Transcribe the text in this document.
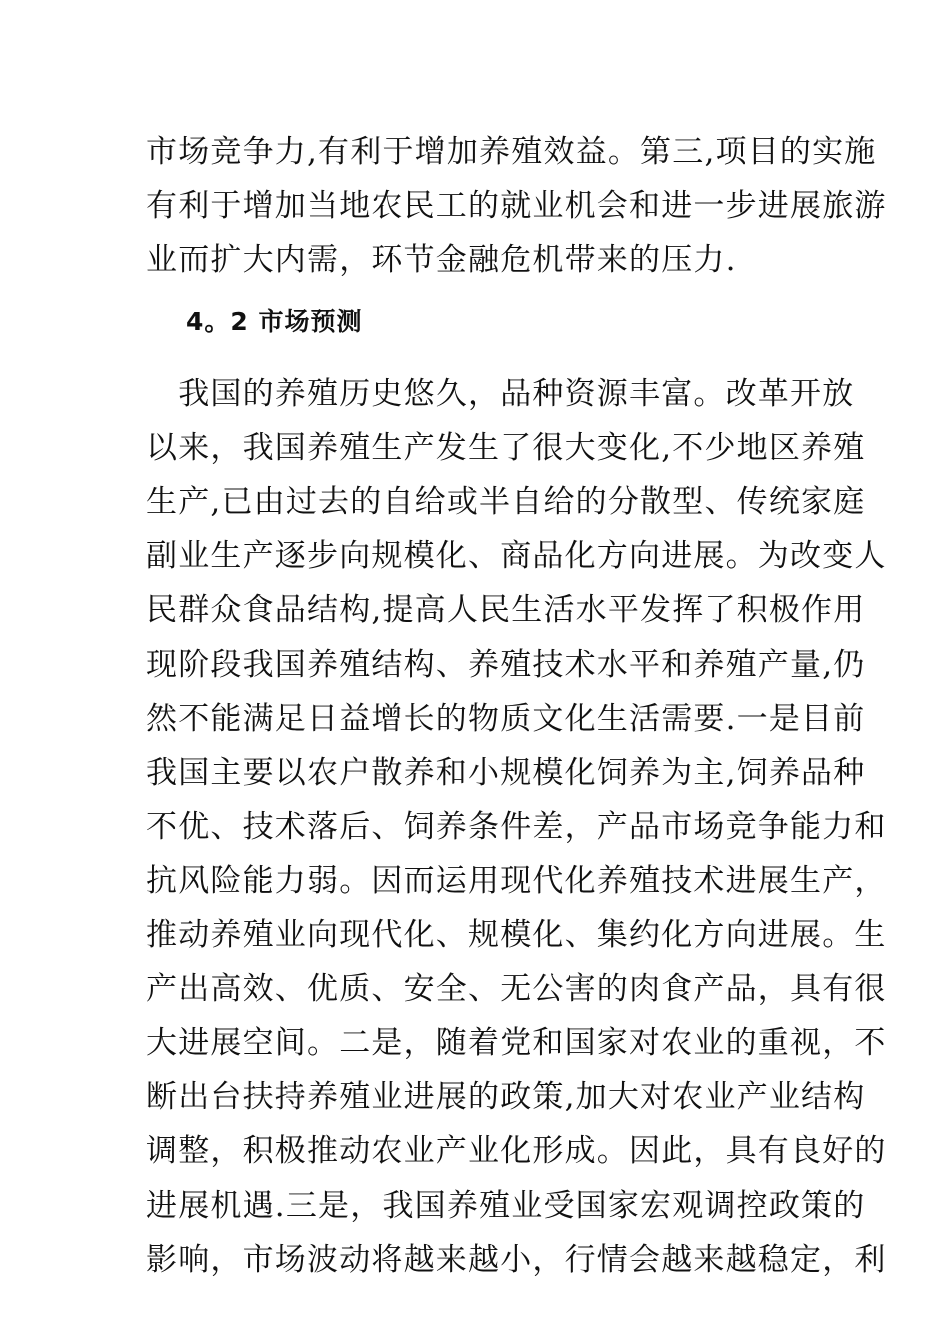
市场竞争力,有利于增加养殖效益。第三,项目的实施
有利于增加当地农民工的就业机会和进一步进展旅游
业而扩大内需，环节金融危机带来的压力.
4。2 市场预测
　我国的养殖历史悠久，品种资源丰富。改革开放
以来，我国养殖生产发生了很大变化,不少地区养殖
生产,已由过去的自给或半自给的分散型、传统家庭
副业生产逐步向规模化、商品化方向进展。为改变人
民群众食品结构,提高人民生活水平发挥了积极作用
现阶段我国养殖结构、养殖技术水平和养殖产量,仍
然不能满足日益增长的物质文化生活需要.一是目前
我国主要以农户散养和小规模化饲养为主,饲养品种
不优、技术落后、饲养条件差，产品市场竞争能力和
抗风险能力弱。因而运用现代化养殖技术进展生产，
推动养殖业向现代化、规模化、集约化方向进展。生
产出高效、优质、安全、无公害的肉食产品，具有很
大进展空间。二是，随着党和国家对农业的重视，不
断出台扶持养殖业进展的政策,加大对农业产业结构
调整，积极推动农业产业化形成。因此，具有良好的
进展机遇.三是，我国养殖业受国家宏观调控政策的
影响，市场波动将越来越小，行情会越来越稳定，利
